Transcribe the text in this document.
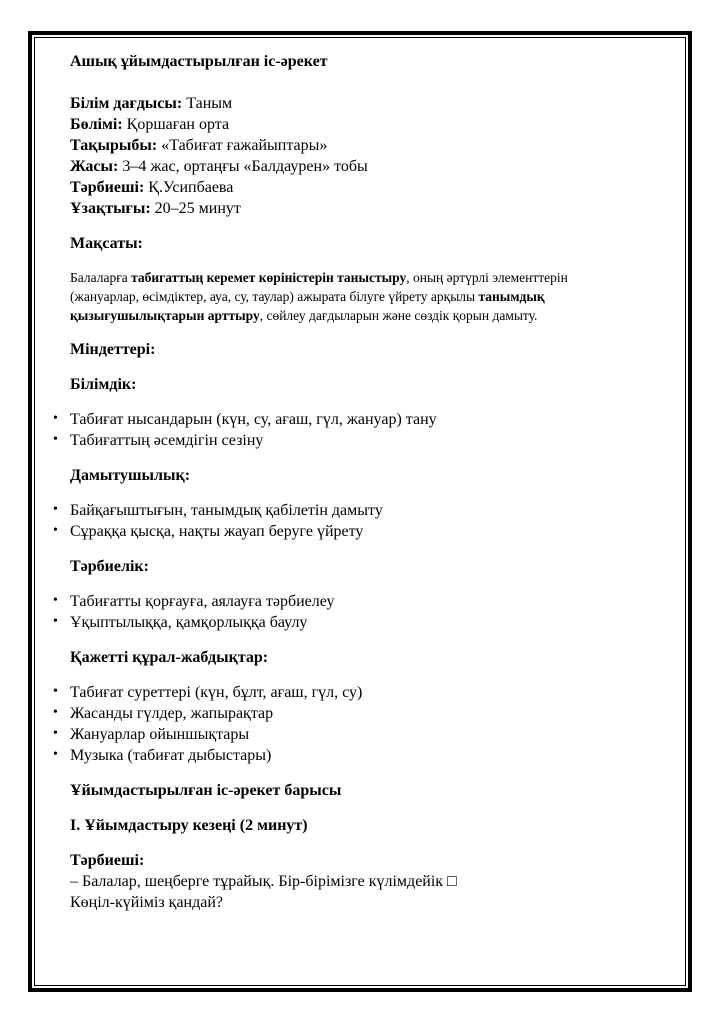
Ашық ұйымдастырылған іс-әрекет
Білім дағдысы: Таным
Бөлімі: Қоршаған орта
Тақырыбы: «Табиғат ғажайыптары»
Жасы: 3–4 жас, ортаңғы «Балдаурен» тобы
Тәрбиеші: Қ.Усипбаева
Ұзақтығы: 20–25 минут
Мақсаты:
Балаларға табигаттың керемет көріністерін таныстыру, оның әртүрлі элементтерін
(жануарлар, өсімдіктер, ауа, су, таулар) ажырата білуге үйрету арқылы танымдық
қызығушылықтарын арттыру, сөйлеу дағдыларын және сөздік қорын дамыту.
Міндеттері:
Білімдік:
• Табиғат нысандарын (күн, су, ағаш, гүл, жануар) тану
• Табиғаттың әсемдігін сезіну
Дамытушылық:
• Байқағыштығын, танымдық қабілетін дамыту
• Сұраққа қысқа, нақты жауап беруге үйрету
Тәрбиелік:
• Табиғатты қорғауға, аялауға тәрбиелеу
• Ұқыптылыққа, қамқорлыққа баулу
Қажетті құрал-жабдықтар:
• Табиғат суреттері (күн, бұлт, ағаш, гүл, су)
• Жасанды гүлдер, жапырақтар
• Жануарлар ойыншықтары
• Музыка (табиғат дыбыстары)
Ұйымдастырылған іс-әрекет барысы
I. Ұйымдастыру кезеңі (2 минут)
Тәрбиеші:
– Балалар, шеңберге тұрайық. Бір-бірімізге күлімдейік □
Көңіл-күйіміз қандай?
